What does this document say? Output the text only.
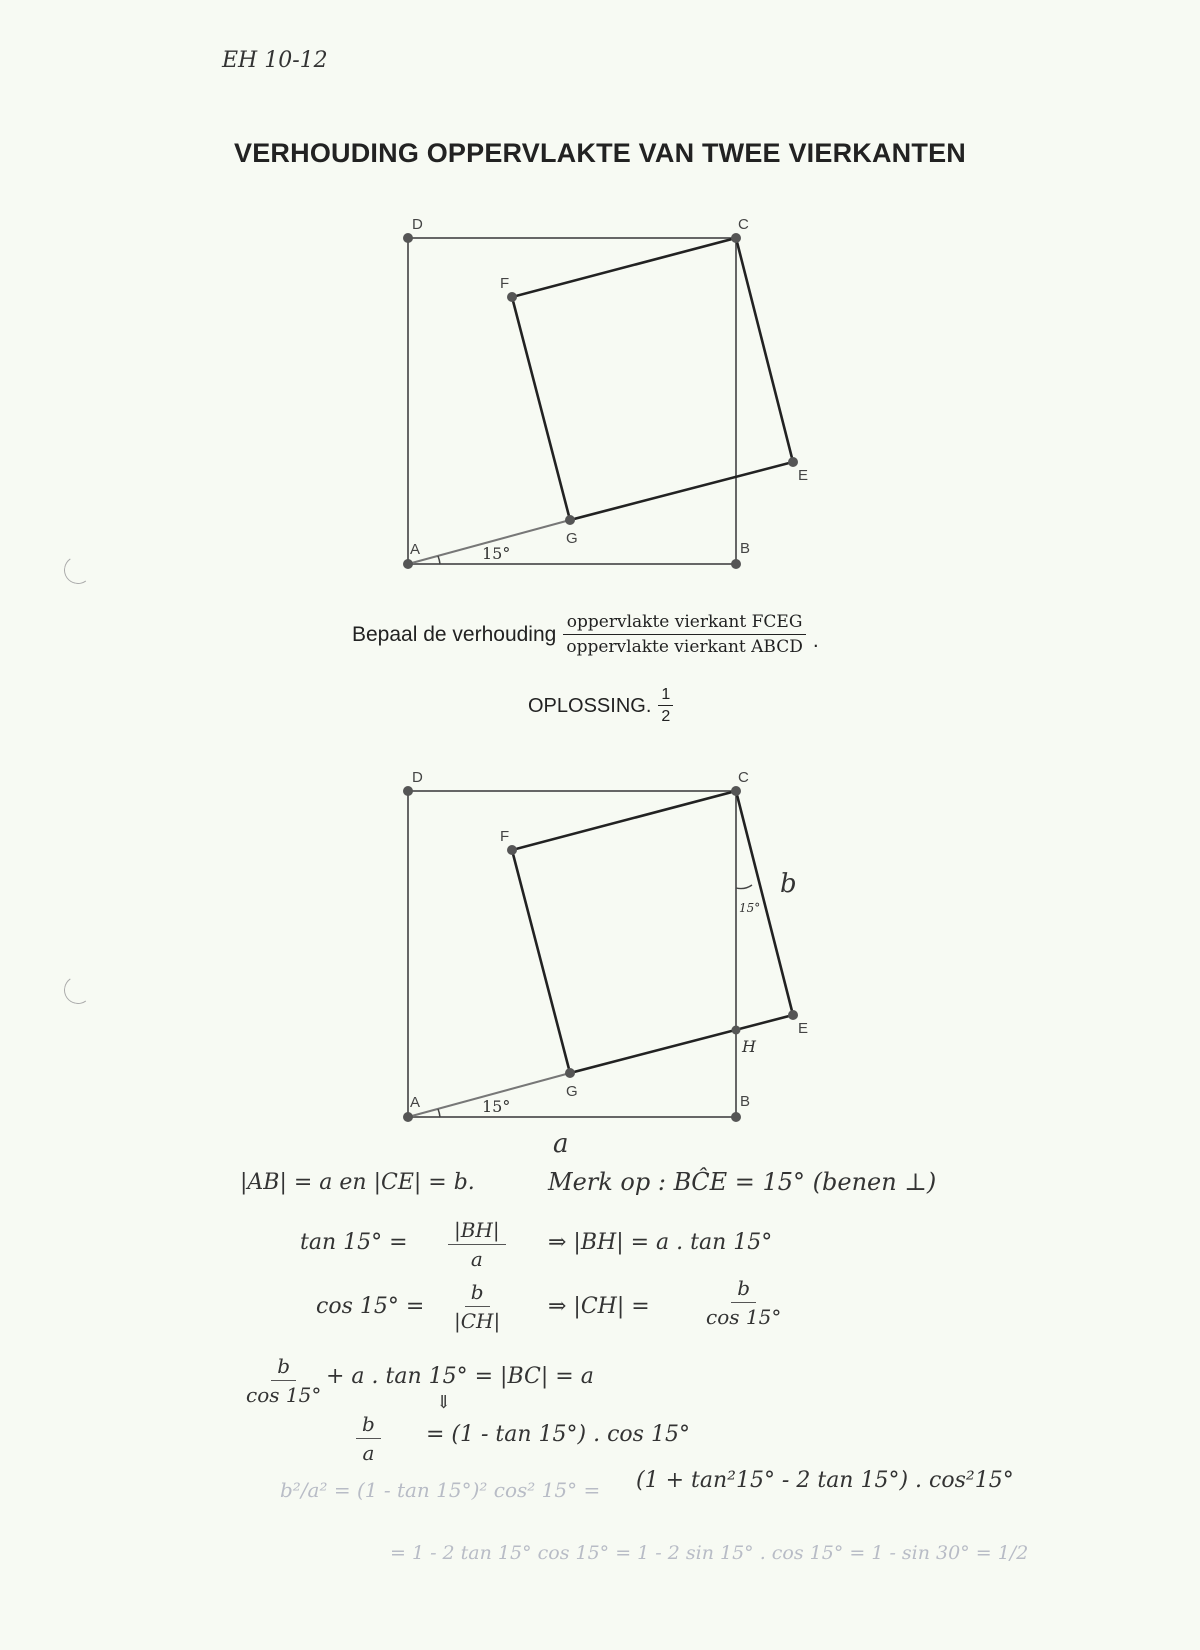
EH 10-12
VERHOUDING OPPERVLAKTE VAN TWEE VIERKANTEN
D	C
B
A
F
E
G
15°
D	C
B
A
F
E
G
15°
H
15°
b
a
Bepaal de verhouding $\frac{\text{oppervlakte vierkant FCEG}}{\text{oppervlakte vierkant ABCD}}$ .
OPLOSSING. $\frac{1}{2}$
|AB| = a en |CE| = b.	Merk op : BĈE = 15° (benen ⊥)
$\tan 15^\circ = \frac{|BH|}{a}$ ⇒ |BH| = a . tan 15°
$\cos 15^\circ = \frac{b}{|CH|}$ ⇒ |CH| =	$\frac{b}{\cos 15^\circ}$
$\frac{b}{\cos 15^\circ}$
+ a . tan 15° = |BC| = a
⇓
$\frac{b}{a} = (1 - \tan 15^\circ)$ . cos 15°
b²/a² = (1 - tan 15°)² cos² 15° = (1 + tan²15° - 2 tan 15°) . cos²15°
= 1 - 2 tan 15° cos 15° = 1 - 2 sin 15° . cos 15° = 1 - sin 30° = 1/2
